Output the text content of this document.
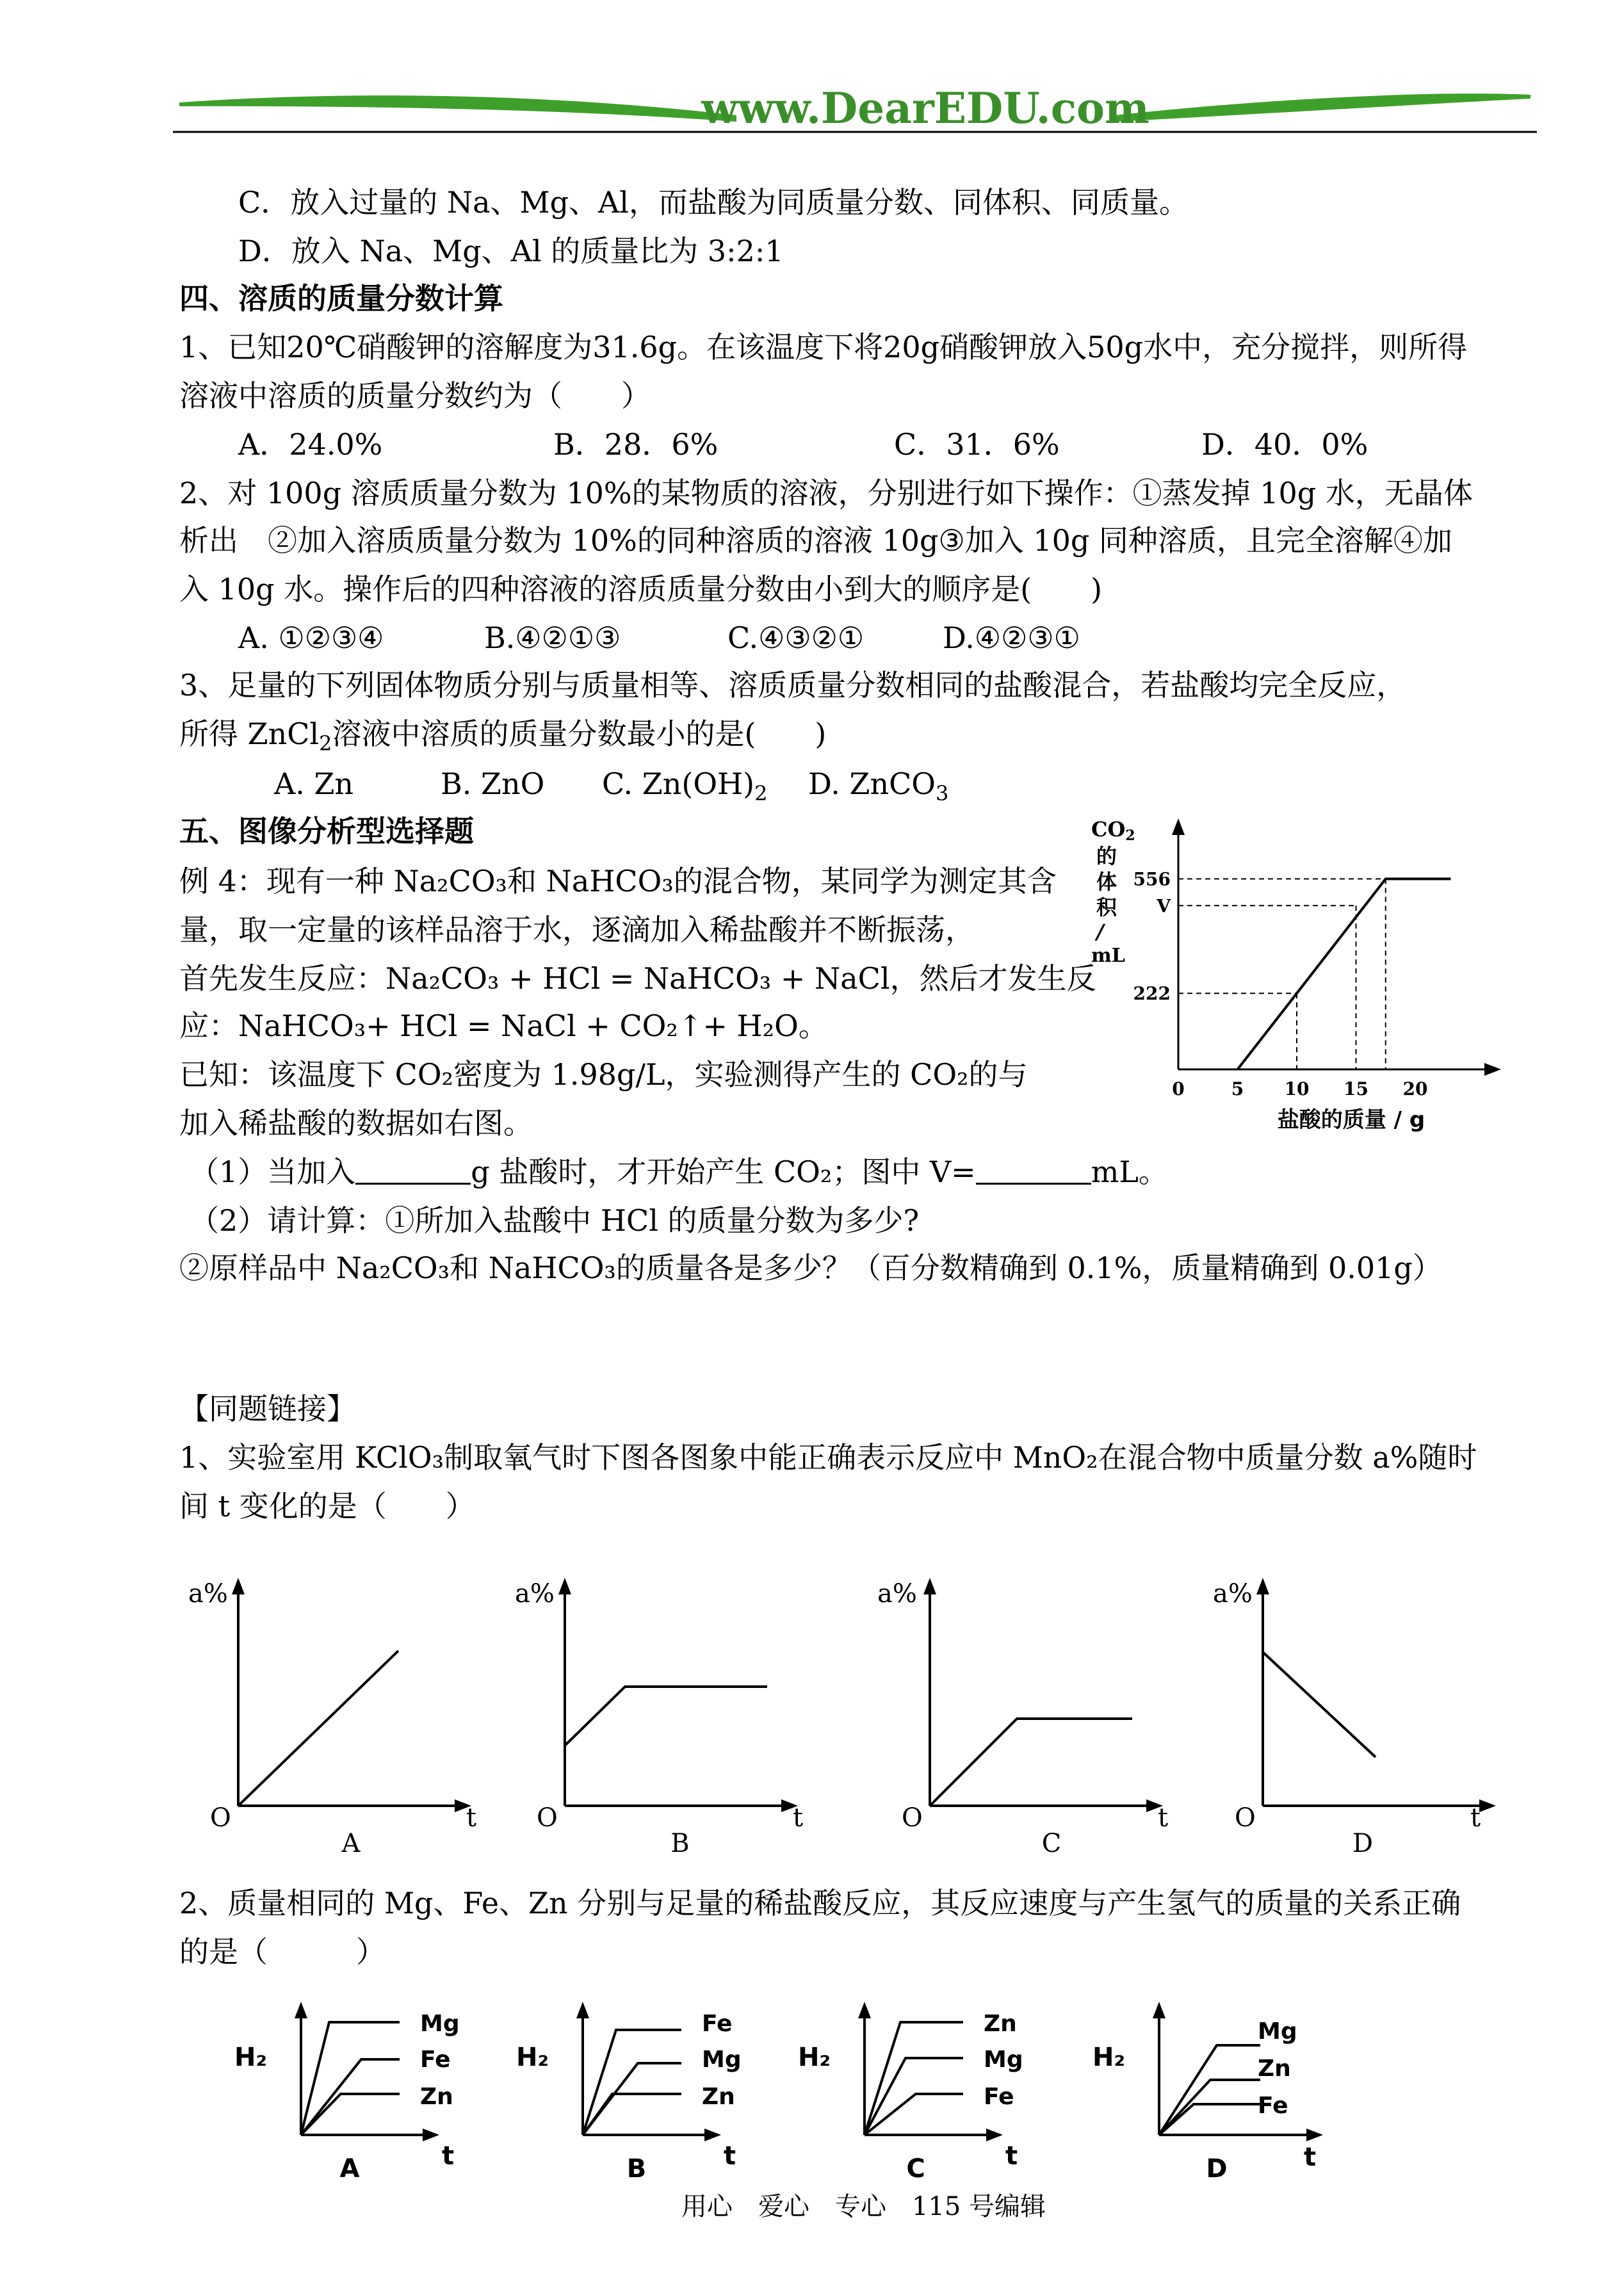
www.DearEDU.com
C．放入过量的 Na、Mg、Al，而盐酸为同质量分数、同体积、同质量。
D．放入 Na、Mg、Al 的质量比为 3:2:1
四、溶质的质量分数计算
1、已知20℃硝酸钾的溶解度为31.6g。在该温度下将20g硝酸钾放入50g水中，充分搅拌，则所得
溶液中溶质的质量分数约为（　　）
A．24.0%	B．28．6%	C．31．6%	D．40．0%
2、对 100g 溶质质量分数为 10%的某物质的溶液，分别进行如下操作：①蒸发掉 10g 水，无晶体
析出　②加入溶质质量分数为 10%的同种溶质的溶液 10g③加入 10g 同种溶质，且完全溶解④加
入 10g 水。操作后的四种溶液的溶质质量分数由小到大的顺序是(　　)
A. ①②③④	B.④②①③	C.④③②①	D.④②③①
3、足量的下列固体物质分别与质量相等、溶质质量分数相同的盐酸混合，若盐酸均完全反应，
所得 ZnCl$_2$溶液中溶质的质量分数最小的是(　　)
A. Zn	B. ZnO C. $Zn(OH)_2$ D. ZnCO$_3$
五、图像分析型选择题
例 4：现有一种 Na₂CO₃和 NaHCO₃的混合物，某同学为测定其含
量，取一定量的该样品溶于水，逐滴加入稀盐酸并不断振荡，
首先发生反应：Na₂CO₃ + HCl = NaHCO₃ + NaCl，然后才发生反
应：NaHCO₃+ HCl = NaCl + CO₂↑+ H₂O。
已知：该温度下 CO₂密度为 1.98g/L，实验测得产生的 CO₂的与
加入稀盐酸的数据如右图。
（1）当加入	g 盐酸时，才开始产生 CO₂；图中 V=	mL。
（2）请计算：①所加入盐酸中 HCl 的质量分数为多少?
②原样品中 Na₂CO₃和 NaHCO₃的质量各是多少？（百分数精确到 0.1%，质量精确到 0.01g）
CO2
的
体
积
/
mL
0	5 10 15 20
222
V
556
盐酸的质量 / g
【同题链接】
1、实验室用 KClO₃制取氧气时下图各图象中能正确表示反应中 MnO₂在混合物中质量分数 a%随时
间 t 变化的是（　　）
a%
O	t
A
a%
O	t
B
a%
O	t
C
a%
O	t
D
2、质量相同的 Mg、Fe、Zn 分别与足量的稀盐酸反应，其反应速度与产生氢气的质量的关系正确
的是（　　　）
H₂
Mg
Fe
Zn
t
A
H₂
Fe
Mg
Zn
t
B
H₂
Zn
Mg
Fe
t
C
H₂
Mg
Zn
Fe
t
D
用心　爱心　专心　115 号编辑
